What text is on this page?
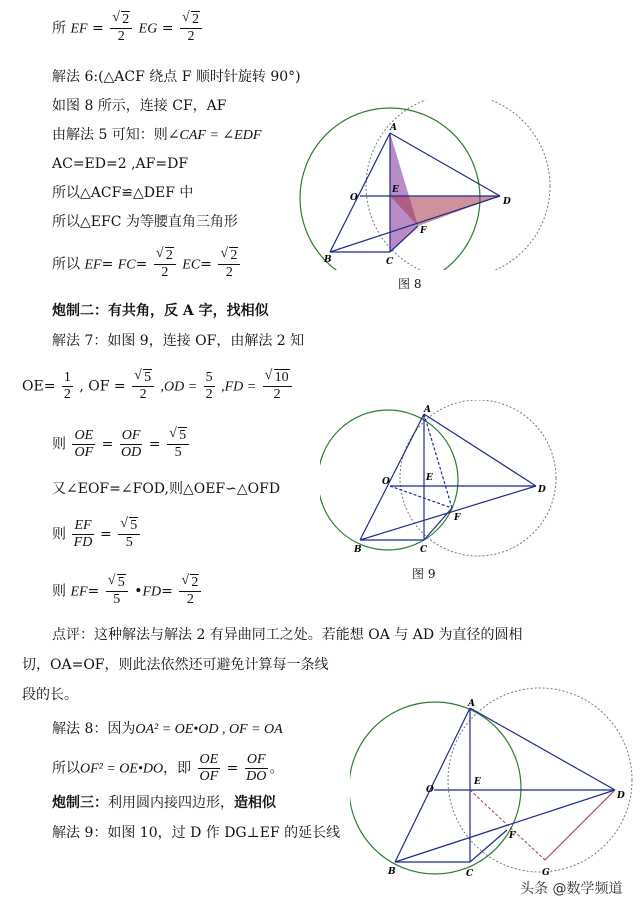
所 EF = √ $\frac{2}{2}$ EG = √ $\frac{2}{2}$
解法 6:(△ACF 绕点 F 顺时针旋转 90°)
如图 8 所示，连接 CF，AF
由解法 5 可知：则∠CAF = ∠EDF
AC=ED=2 ,AF=DF
所以△ACF≌△DEF 中
所以△EFC 为等腰直角三角形
所以 EF= FC= √ $\frac{2}{2} EC=$ √ $\frac{2}{2}$
炮制二：有共角，反 A 字，找相似
解法 7：如图 9，连接 OF，由解法 2 知
$OE= \frac{1}{2}$ , OF = √ $\frac{5}{2} ,OD = \frac{5}{2} ,FD$ = √ $\frac{10}{2}$
则 $\frac{OE}{OF} = \frac{OF}{OD}$ = √ $\frac{5}{5}$
又∠EOF=∠FOD,则△OEF∽△OFD
则 $\frac{EF}{FD}$ = √ $\frac{5}{5}$
则 EF= √ $\frac{5}{5}$ •FD= √ $\frac{2}{2}$
点评：这种解法与解法 2 有异曲同工之处。若能想 OA 与 AD 为直径的圆相
切，OA=OF，则此法依然还可避免计算每一条线
段的长。
解法 8：因为OA² = OE•OD , OF = OA
所以OF² = OE•DO，即 $\frac{OE}{OF} = \frac{OF}{DO}$ 。
炮制三：利用圆内接四边形，造相似
解法 9：如图 10，过 D 作 DG⊥EF 的延长线
A
B	C
D
E
F
O
图 8
A
B	C
D
E
F
O
图 9
A
B	C
D
E
F
G
O
头条 @数学频道
